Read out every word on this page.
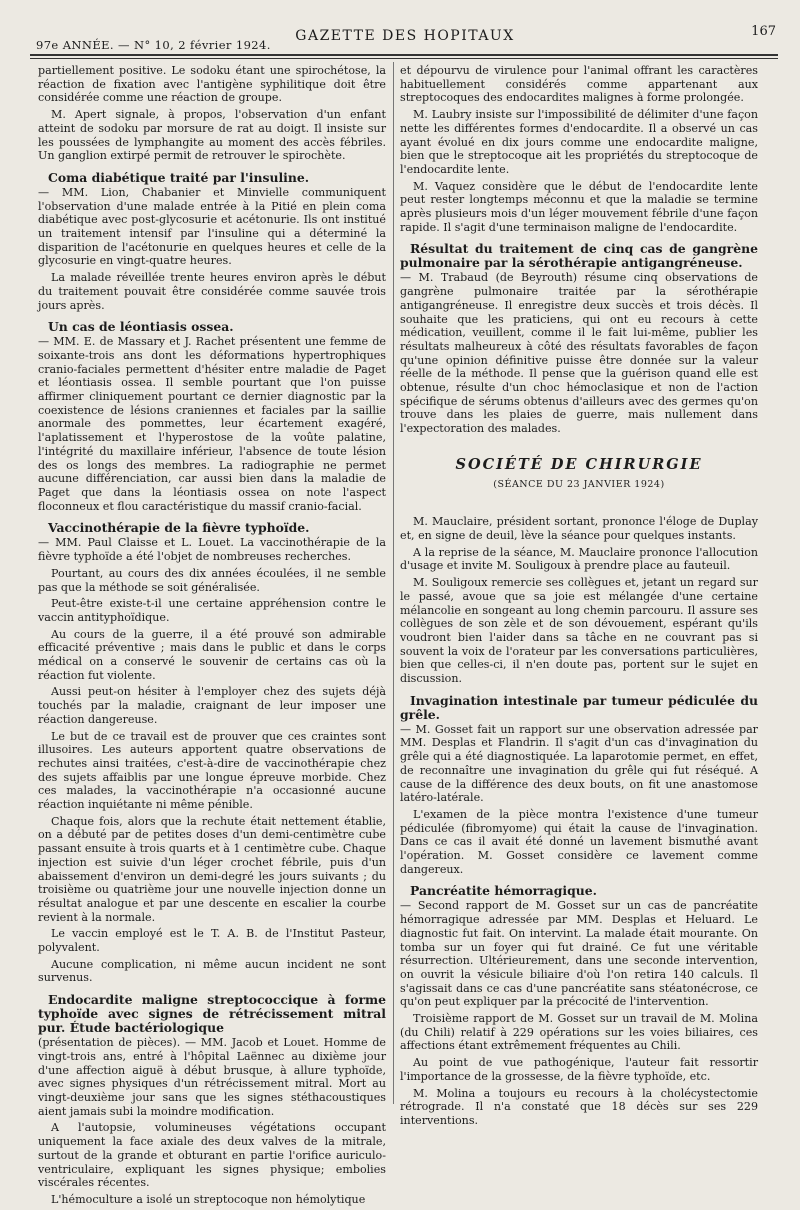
97e ANNÉE. — N° 10, 2 février 1924.
GAZETTE DES HOPITAUX	167

partiellement positive. Le sodoku étant une spirochétose, la réaction de fixation avec l'antigène syphilitique doit être considérée comme une réaction de groupe.

M. Apert signale, à propos, l'observation d'un enfant atteint de sodoku par morsure de rat au doigt. Il insiste sur les poussées de lymphangite au moment des accès fébriles. Un ganglion extirpé permit de retrouver le spirochète.

Coma diabétique traité par l'insuline.

— MM. Lion, Chabanier et Minvielle communiquent l'observation d'une malade entrée à la Pitié en plein coma diabétique avec post-glycosurie et acétonurie. Ils ont institué un traitement intensif par l'insuline qui a déterminé la disparition de l'acétonurie en quelques heures et celle de la glycosurie en vingt-quatre heures.

La malade réveillée trente heures environ après le début du traitement pouvait être considérée comme sauvée trois jours après.

Un cas de léontiasis ossea.

— MM. E. de Massary et J. Rachet présentent une femme de soixante-trois ans dont les déformations hypertrophiques cranio-faciales permettent d'hésiter entre maladie de Paget et léontiasis ossea. Il semble pourtant que l'on puisse affirmer cliniquement pourtant ce dernier diagnostic par la coexistence de lésions craniennes et faciales par la saillie anormale des pommettes, leur écartement exagéré, l'aplatissement et l'hyperostose de la voûte palatine, l'intégrité du maxillaire inférieur, l'absence de toute lésion des os longs des membres. La radiographie ne permet aucune différenciation, car aussi bien dans la maladie de Paget que dans la léontiasis ossea on note l'aspect floconneux et flou caractéristique du massif cranio-facial.

Vaccinothérapie de la fièvre typhoïde.

— MM. Paul Claisse et L. Louet. La vaccinothérapie de la fièvre typhoïde a été l'objet de nombreuses recherches.

Pourtant, au cours des dix années écoulées, il ne semble pas que la méthode se soit généralisée.

Peut-être existe-t-il une certaine appréhension contre le vaccin antityphoïdique.

Au cours de la guerre, il a été prouvé son admirable efficacité préventive ; mais dans le public et dans le corps médical on a conservé le souvenir de certains cas où la réaction fut violente.

Aussi peut-on hésiter à l'employer chez des sujets déjà touchés par la maladie, craignant de leur imposer une réaction dangereuse.

Le but de ce travail est de prouver que ces craintes sont illusoires. Les auteurs apportent quatre observations de rechutes ainsi traitées, c'est-à-dire de vaccinothérapie chez des sujets affaiblis par une longue épreuve morbide. Chez ces malades, la vaccinothérapie n'a occasionné aucune réaction inquiétante ni même pénible.

Chaque fois, alors que la rechute était nettement établie, on a débuté par de petites doses d'un demi-centimètre cube passant ensuite à trois quarts et à 1 centimètre cube. Chaque injection est suivie d'un léger crochet fébrile, puis d'un abaissement d'environ un demi-degré les jours suivants ; du troisième ou quatrième jour une nouvelle injection donne un résultat analogue et par une descente en escalier la courbe revient à la normale.

Le vaccin employé est le T. A. B. de l'Institut Pasteur, polyvalent.

Aucune complication, ni même aucun incident ne sont survenus.

Endocardite maligne streptococcique à forme typhoïde avec signes de rétrécissement mitral pur. Étude bactériologique

(présentation de pièces). — MM. Jacob et Louet. Homme de vingt-trois ans, entré à l'hôpital Laënnec au dixième jour d'une affection aiguë à début brusque, à allure typhoïde, avec signes physiques d'un rétrécissement mitral. Mort au vingt-deuxième jour sans que les signes stéthacoustiques aient jamais subi la moindre modification.

A l'autopsie, volumineuses végétations occupant uniquement la face axiale des deux valves de la mitrale, surtout de la grande et obturant en partie l'orifice auriculo-ventriculaire, expliquant les signes physique; embolies viscérales récentes.

L'hémoculture a isolé un streptocoque non hémolytique

et dépourvu de virulence pour l'animal offrant les caractères habituellement considérés comme appartenant aux streptocoques des endocardites malignes à forme prolongée.

M. Laubry insiste sur l'impossibilité de délimiter d'une façon nette les différentes formes d'endocardite. Il a observé un cas ayant évolué en dix jours comme une endocardite maligne, bien que le streptocoque ait les propriétés du streptocoque de l'endocardite lente.

M. Vaquez considère que le début de l'endocardite lente peut rester longtemps méconnu et que la maladie se termine après plusieurs mois d'un léger mouvement fébrile d'une façon rapide. Il s'agit d'une terminaison maligne de l'endocardite.

Résultat du traitement de cinq cas de gangrène pulmonaire par la sérothérapie antigangréneuse.

— M. Trabaud (de Beyrouth) résume cinq observations de gangrène pulmonaire traitée par la sérothérapie antigangréneuse. Il enregistre deux succès et trois décès. Il souhaite que les praticiens, qui ont eu recours à cette médication, veuillent, comme il le fait lui-même, publier les résultats malheureux à côté des résultats favorables de façon qu'une opinion définitive puisse être donnée sur la valeur réelle de la méthode. Il pense que la guérison quand elle est obtenue, résulte d'un choc hémoclasique et non de l'action spécifique de sérums obtenus d'ailleurs avec des germes qu'on trouve dans les plaies de guerre, mais nullement dans l'expectoration des malades.

SOCIÉTÉ DE CHIRURGIE
(SÉANCE DU 23 JANVIER 1924)

M. Mauclaire, président sortant, prononce l'éloge de Duplay et, en signe de deuil, lève la séance pour quelques instants.

A la reprise de la séance, M. Mauclaire prononce l'allocution d'usage et invite M. Souligoux à prendre place au fauteuil.

M. Souligoux remercie ses collègues et, jetant un regard sur le passé, avoue que sa joie est mélangée d'une certaine mélancolie en songeant au long chemin parcouru. Il assure ses collègues de son zèle et de son dévouement, espérant qu'ils voudront bien l'aider dans sa tâche en ne couvrant pas si souvent la voix de l'orateur par les conversations particulières, bien que celles-ci, il n'en doute pas, portent sur le sujet en discussion.

Invagination intestinale par tumeur pédiculée du grêle.

— M. Gosset fait un rapport sur une observation adressée par MM. Desplas et Flandrin. Il s'agit d'un cas d'invagination du grêle qui a été diagnostiquée. La laparotomie permet, en effet, de reconnaître une invagination du grêle qui fut réséqué. A cause de la différence des deux bouts, on fit une anastomose latéro-latérale.

L'examen de la pièce montra l'existence d'une tumeur pédiculée (fibromyome) qui était la cause de l'invagination. Dans ce cas il avait été donné un lavement bismuthé avant l'opération. M. Gosset considère ce lavement comme dangereux.

Pancréatite hémorragique.

— Second rapport de M. Gosset sur un cas de pancréatite hémorragique adressée par MM. Desplas et Heluard. Le diagnostic fut fait. On intervint. La malade était mourante. On tomba sur un foyer qui fut drainé. Ce fut une véritable résurrection. Ultérieurement, dans une seconde intervention, on ouvrit la vésicule biliaire d'où l'on retira 140 calculs. Il s'agissait dans ce cas d'une pancréatite sans stéatonécrose, ce qu'on peut expliquer par la précocité de l'intervention.

Troisième rapport de M. Gosset sur un travail de M. Molina (du Chili) relatif à 229 opérations sur les voies biliaires, ces affections étant extrêmement fréquentes au Chili.

Au point de vue pathogénique, l'auteur fait ressortir l'importance de la grossesse, de la fièvre typhoïde, etc.

M. Molina a toujours eu recours à la cholécystectomie rétrograde. Il n'a constaté que 18 décès sur ses 229 interventions.
